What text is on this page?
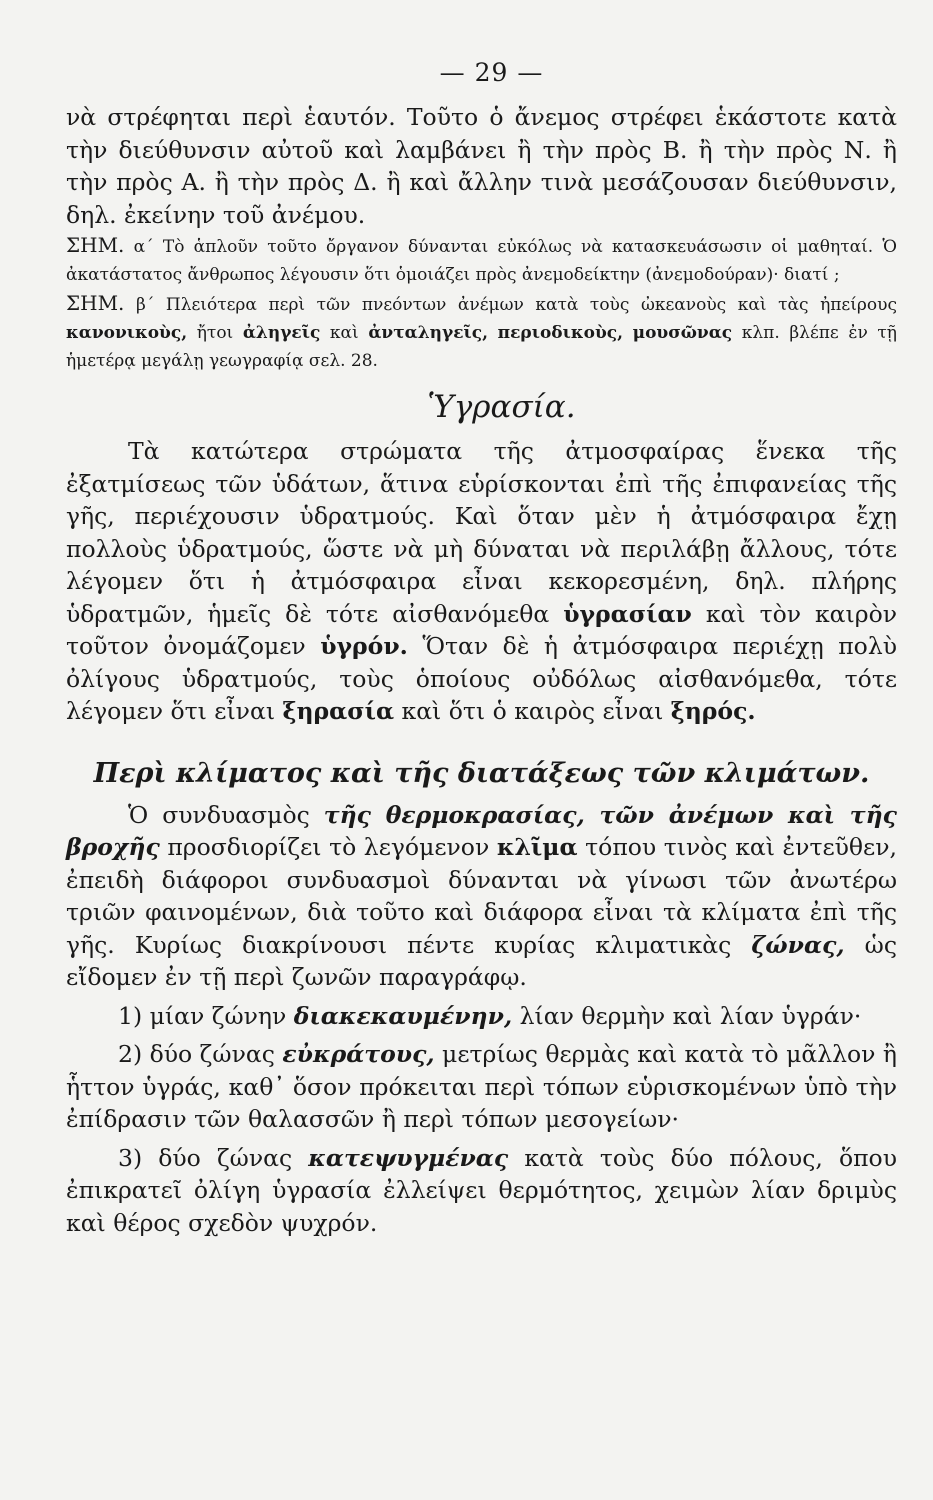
— 29 —

νὰ στρέφηται περὶ ἑαυτόν. Τοῦτο ὁ ἄνεμος στρέφει ἑκάστοτε κατὰ τὴν διεύθυνσιν αὐτοῦ καὶ λαμβάνει ἢ τὴν πρὸς Β. ἢ τὴν πρὸς Ν. ἢ τὴν πρὸς Α. ἢ τὴν πρὸς Δ. ἢ καὶ ἄλλην τινὰ μεσάζουσαν διεύθυνσιν, δηλ. ἐκείνην τοῦ ἀνέμου.

ΣΗΜ. α΄ Τὸ ἁπλοῦν τοῦτο ὄργανον δύνανται εὐκόλως νὰ κατασκευάσωσιν οἱ μαθηταί. Ὁ ἀκατάστατος ἄνθρωπος λέγουσιν ὅτι ὁμοιάζει πρὸς ἀνεμοδείκτην (ἀνεμοδούραν)· διατί ;

ΣΗΜ. β΄ Πλειότερα περὶ τῶν πνεόντων ἀνέμων κατὰ τοὺς ὠκεανοὺς καὶ τὰς ἠπείρους κανονικοὺς, ἤτοι ἀληγεῖς καὶ ἀνταληγεῖς, περιοδικοὺς, μουσῶνας κλπ. βλέπε ἐν τῇ ἡμετέρᾳ μεγάλῃ γεωγραφίᾳ σελ. 28.

Ὑγρασία.

Τὰ κατώτερα στρώματα τῆς ἀτμοσφαίρας ἕνεκα τῆς ἐξατμίσεως τῶν ὑδάτων, ἅτινα εὑρίσκονται ἐπὶ τῆς ἐπιφανείας τῆς γῆς, περιέχουσιν ὑδρατμούς. Καὶ ὅταν μὲν ἡ ἀτμόσφαιρα ἔχῃ πολλοὺς ὑδρατμούς, ὥστε νὰ μὴ δύναται νὰ περιλάβῃ ἄλλους, τότε λέγομεν ὅτι ἡ ἀτμόσφαιρα εἶναι κεκορεσμένη, δηλ. πλήρης ὑδρατμῶν, ἡμεῖς δὲ τότε αἰσθανόμεθα ὑγρασίαν καὶ τὸν καιρὸν τοῦτον ὀνομάζομεν ὑγρόν. Ὅταν δὲ ἡ ἀτμόσφαιρα περιέχῃ πολὺ ὀλίγους ὑδρατμούς, τοὺς ὁποίους οὐδόλως αἰσθανόμεθα, τότε λέγομεν ὅτι εἶναι ξηρασία καὶ ὅτι ὁ καιρὸς εἶναι ξηρός.

Περὶ κλίματος καὶ τῆς διατάξεως τῶν κλιμάτων.

Ὁ συνδυασμὸς τῆς θερμοκρασίας, τῶν ἀνέμων καὶ τῆς βροχῆς προσδιορίζει τὸ λεγόμενον κλῖμα τόπου τινὸς καὶ ἐντεῦθεν, ἐπειδὴ διάφοροι συνδυασμοὶ δύνανται νὰ γίνωσι τῶν ἀνωτέρω τριῶν φαινομένων, διὰ τοῦτο καὶ διάφορα εἶναι τὰ κλίματα ἐπὶ τῆς γῆς. Κυρίως διακρίνουσι πέντε κυρίας κλιματικὰς ζώνας, ὡς εἴδομεν ἐν τῇ περὶ ζωνῶν παραγράφῳ.

1) μίαν ζώνην διακεκαυμένην, λίαν θερμὴν καὶ λίαν ὑγράν·

2) δύο ζώνας εὐκράτους, μετρίως θερμὰς καὶ κατὰ τὸ μᾶλλον ἢ ἧττον ὑγράς, καθ᾽ ὅσον πρόκειται περὶ τόπων εὑρισκομένων ὑπὸ τὴν ἐπίδρασιν τῶν θαλασσῶν ἢ περὶ τόπων μεσογείων·

3) δύο ζώνας κατεψυγμένας κατὰ τοὺς δύο πόλους, ὅπου ἐπικρατεῖ ὀλίγη ὑγρασία ἐλλείψει θερμότητος, χειμὼν λίαν δριμὺς καὶ θέρος σχεδὸν ψυχρόν.
